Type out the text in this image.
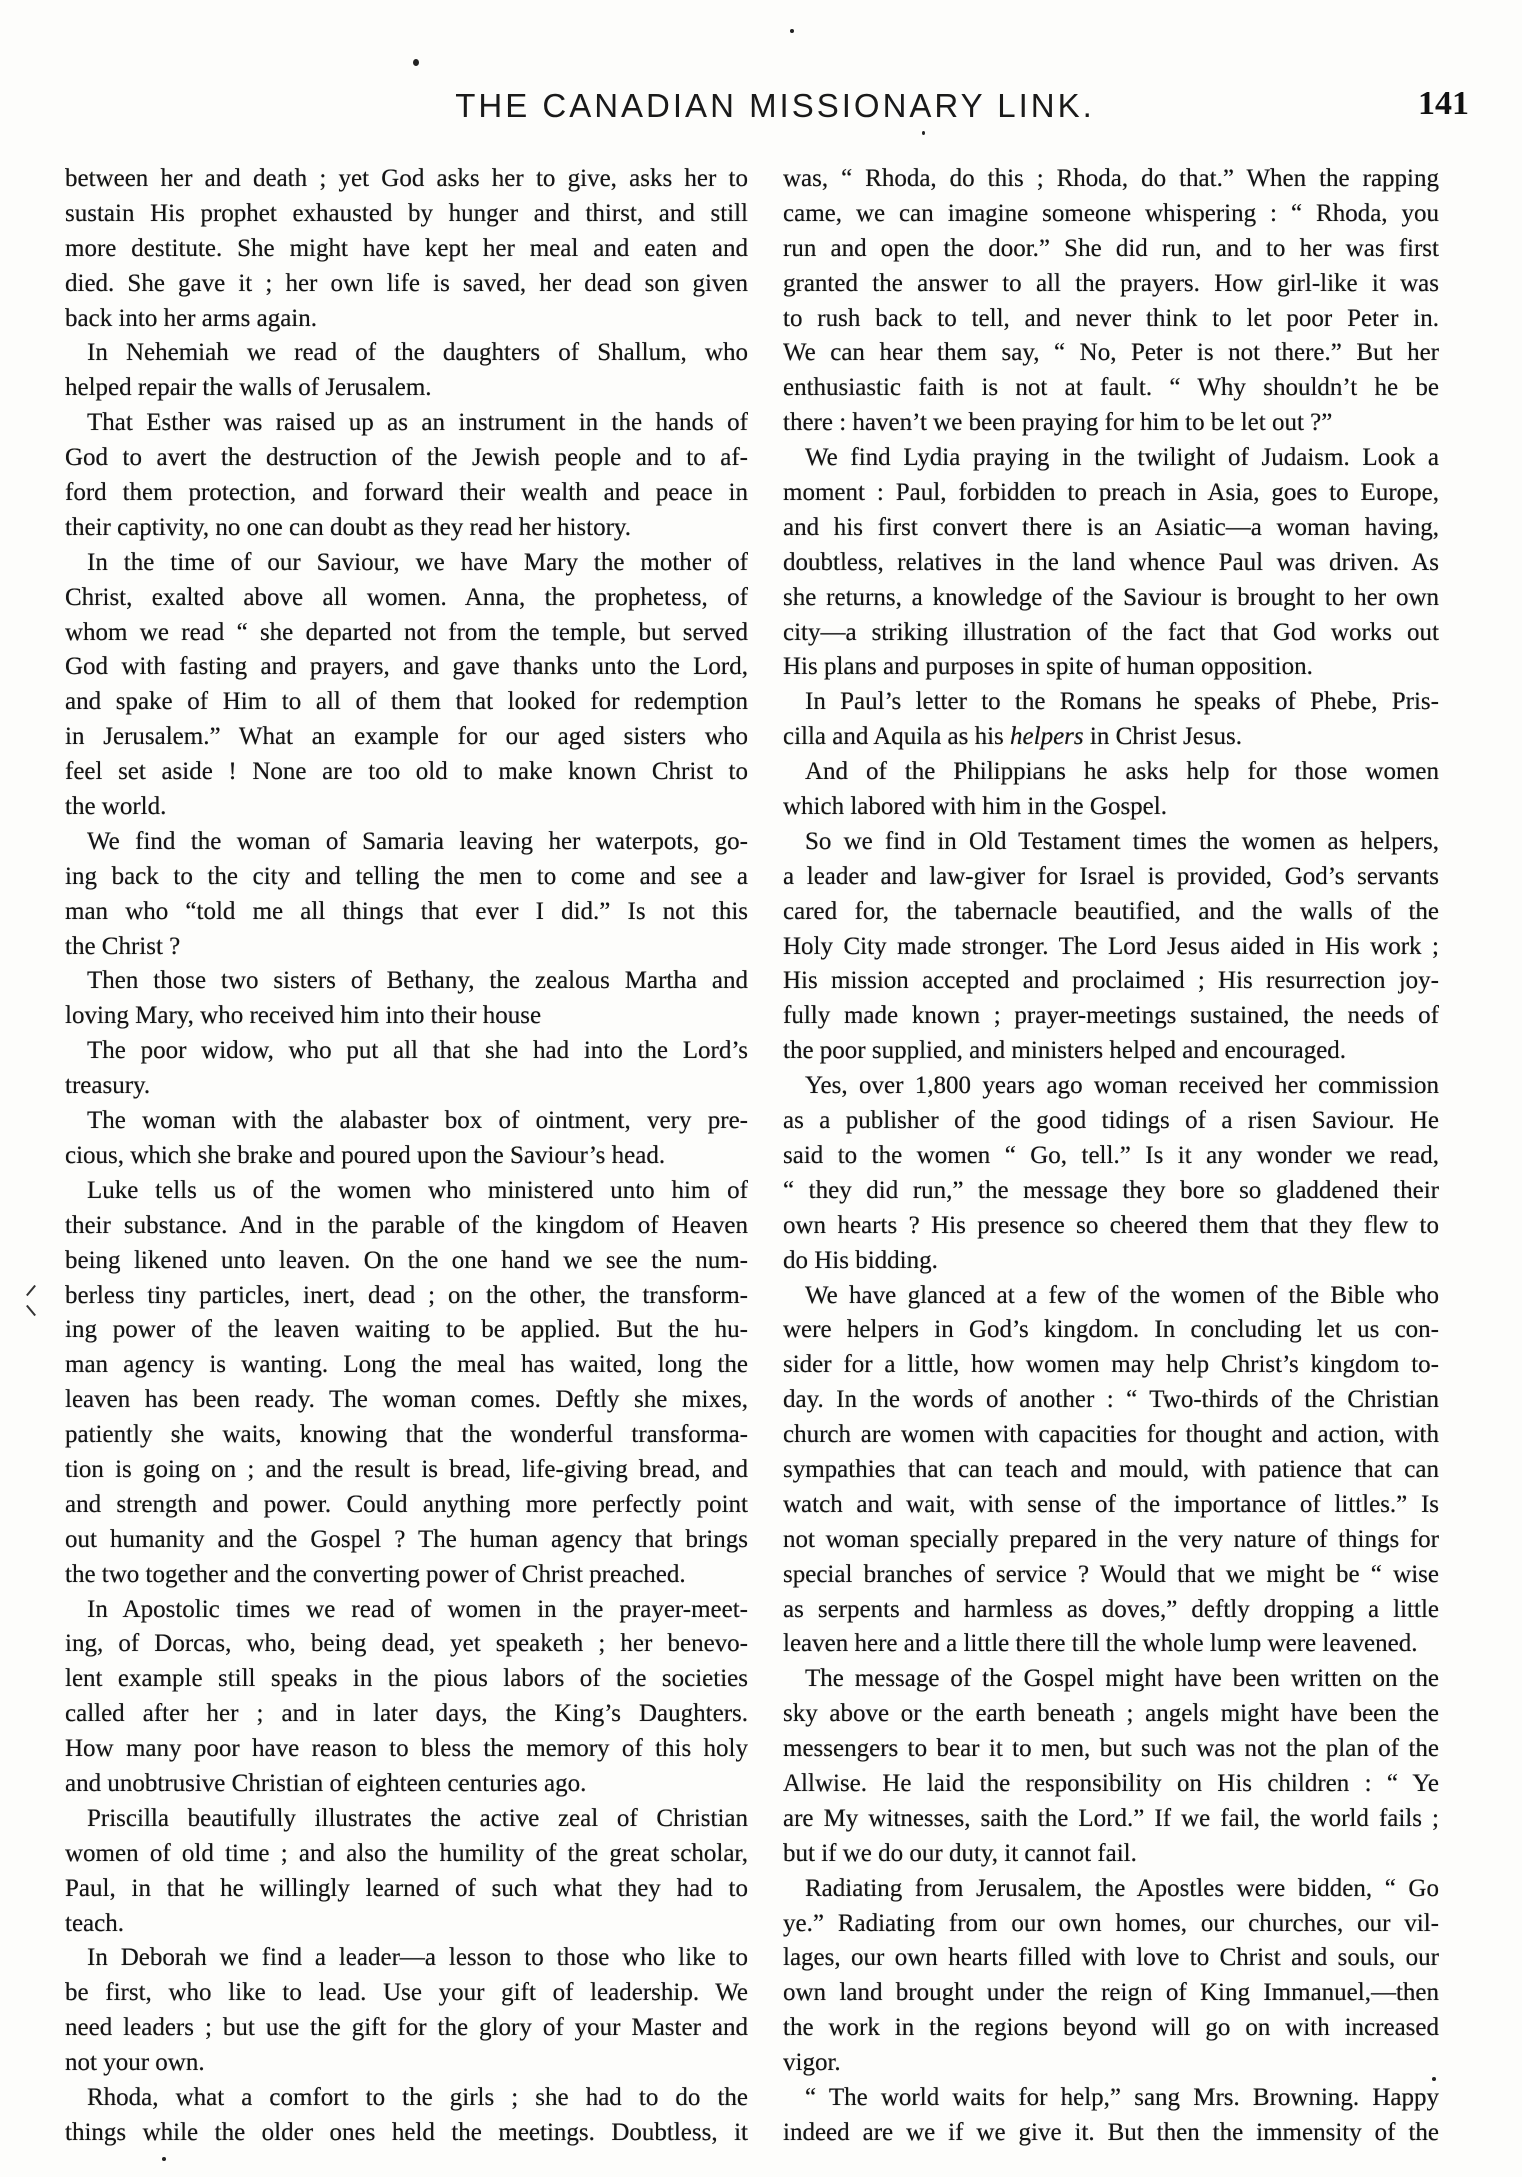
THE CANADIAN MISSIONARY LINK.	141
between her and death ; yet God asks her to give, asks her to
sustain His prophet exhausted by hunger and thirst, and still
more destitute. She might have kept her meal and eaten and
died. She gave it ; her own life is saved, her dead son given
back into her arms again.
In Nehemiah we read of the daughters of Shallum, who
helped repair the walls of Jerusalem.
That Esther was raised up as an instrument in the hands of
God to avert the destruction of the Jewish people and to af-
ford them protection, and forward their wealth and peace in
their captivity, no one can doubt as they read her history.
In the time of our Saviour, we have Mary the mother of
Christ, exalted above all women. Anna, the prophetess, of
whom we read “ she departed not from the temple, but served
God with fasting and prayers, and gave thanks unto the Lord,
and spake of Him to all of them that looked for redemption
in Jerusalem.” What an example for our aged sisters who
feel set aside ! None are too old to make known Christ to
the world.
We find the woman of Samaria leaving her waterpots, go-
ing back to the city and telling the men to come and see a
man who “told me all things that ever I did.” Is not this
the Christ ?
Then those two sisters of Bethany, the zealous Martha and
loving Mary, who received him into their house
The poor widow, who put all that she had into the Lord’s
treasury.
The woman with the alabaster box of ointment, very pre-
cious, which she brake and poured upon the Saviour’s head.
Luke tells us of the women who ministered unto him of
their substance. And in the parable of the kingdom of Heaven
being likened unto leaven. On the one hand we see the num-
berless tiny particles, inert, dead ; on the other, the transform-
ing power of the leaven waiting to be applied. But the hu-
man agency is wanting. Long the meal has waited, long the
leaven has been ready. The woman comes. Deftly she mixes,
patiently she waits, knowing that the wonderful transforma-
tion is going on ; and the result is bread, life-giving bread, and
and strength and power. Could anything more perfectly point
out humanity and the Gospel ? The human agency that brings
the two together and the converting power of Christ preached.
In Apostolic times we read of women in the prayer-meet-
ing, of Dorcas, who, being dead, yet speaketh ; her benevo-
lent example still speaks in the pious labors of the societies
called after her ; and in later days, the King’s Daughters.
How many poor have reason to bless the memory of this holy
and unobtrusive Christian of eighteen centuries ago.
Priscilla beautifully illustrates the active zeal of Christian
women of old time ; and also the humility of the great scholar,
Paul, in that he willingly learned of such what they had to
teach.
In Deborah we find a leader—a lesson to those who like to
be first, who like to lead. Use your gift of leadership. We
need leaders ; but use the gift for the glory of your Master and
not your own.
Rhoda, what a comfort to the girls ; she had to do the
things while the older ones held the meetings. Doubtless, it
was, “ Rhoda, do this ; Rhoda, do that.” When the rapping
came, we can imagine someone whispering : “ Rhoda, you
run and open the door.” She did run, and to her was first
granted the answer to all the prayers. How girl-like it was
to rush back to tell, and never think to let poor Peter in.
We can hear them say, “ No, Peter is not there.” But her
enthusiastic faith is not at fault. “ Why shouldn’t he be
there : haven’t we been praying for him to be let out ?”
We find Lydia praying in the twilight of Judaism. Look a
moment : Paul, forbidden to preach in Asia, goes to Europe,
and his first convert there is an Asiatic—a woman having,
doubtless, relatives in the land whence Paul was driven. As
she returns, a knowledge of the Saviour is brought to her own
city—a striking illustration of the fact that God works out
His plans and purposes in spite of human opposition.
In Paul’s letter to the Romans he speaks of Phebe, Pris-
cilla and Aquila as his helpers in Christ Jesus.
And of the Philippians he asks help for those women
which labored with him in the Gospel.
So we find in Old Testament times the women as helpers,
a leader and law-giver for Israel is provided, God’s servants
cared for, the tabernacle beautified, and the walls of the
Holy City made stronger. The Lord Jesus aided in His work ;
His mission accepted and proclaimed ; His resurrection joy-
fully made known ; prayer-meetings sustained, the needs of
the poor supplied, and ministers helped and encouraged.
Yes, over 1,800 years ago woman received her commission
as a publisher of the good tidings of a risen Saviour. He
said to the women “ Go, tell.” Is it any wonder we read,
“ they did run,” the message they bore so gladdened their
own hearts ? His presence so cheered them that they flew to
do His bidding.
We have glanced at a few of the women of the Bible who
were helpers in God’s kingdom. In concluding let us con-
sider for a little, how women may help Christ’s kingdom to-
day. In the words of another : “ Two-thirds of the Christian
church are women with capacities for thought and action, with
sympathies that can teach and mould, with patience that can
watch and wait, with sense of the importance of littles.” Is
not woman specially prepared in the very nature of things for
special branches of service ? Would that we might be “ wise
as serpents and harmless as doves,” deftly dropping a little
leaven here and a little there till the whole lump were leavened.
The message of the Gospel might have been written on the
sky above or the earth beneath ; angels might have been the
messengers to bear it to men, but such was not the plan of the
Allwise. He laid the responsibility on His children : “ Ye
are My witnesses, saith the Lord.” If we fail, the world fails ;
but if we do our duty, it cannot fail.
Radiating from Jerusalem, the Apostles were bidden, “ Go
ye.” Radiating from our own homes, our churches, our vil-
lages, our own hearts filled with love to Christ and souls, our
own land brought under the reign of King Immanuel,—then
the work in the regions beyond will go on with increased
vigor.
“ The world waits for help,” sang Mrs. Browning. Happy
indeed are we if we give it. But then the immensity of the
